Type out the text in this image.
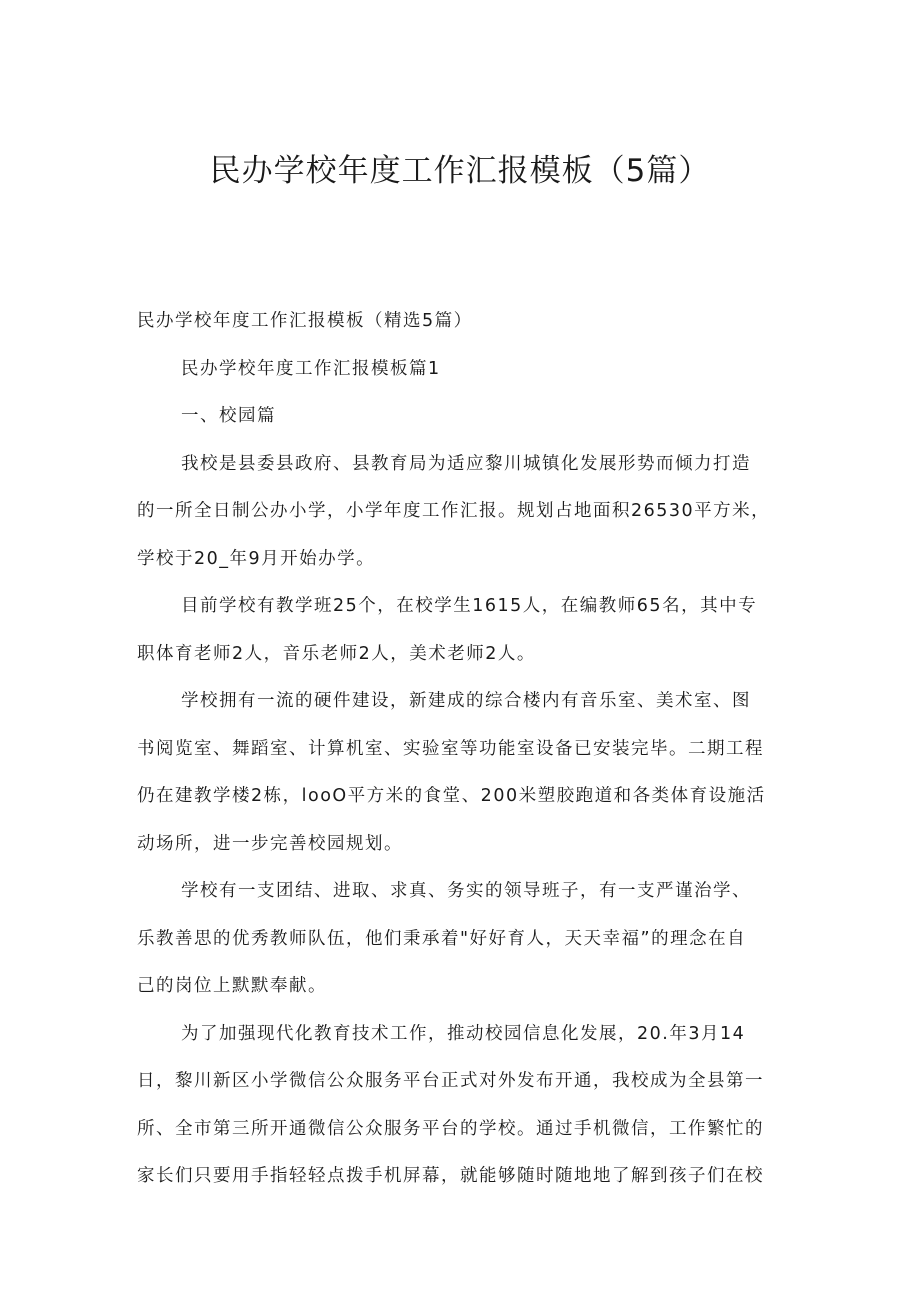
民办学校年度工作汇报模板（5篇）
民办学校年度工作汇报模板（精选5篇）
民办学校年度工作汇报模板篇1
一、校园篇
我校是县委县政府、县教育局为适应黎川城镇化发展形势而倾力打造
的一所全日制公办小学，小学年度工作汇报。规划占地面积26530平方米，
学校于20_年9月开始办学。
目前学校有教学班25个，在校学生1615人，在编教师65名，其中专
职体育老师2人，音乐老师2人，美术老师2人。
学校拥有一流的硬件建设，新建成的综合楼内有音乐室、美术室、图
书阅览室、舞蹈室、计算机室、实验室等功能室设备已安装完毕。二期工程
仍在建教学楼2栋，looO平方米的食堂、200米塑胶跑道和各类体育设施活
动场所，进一步完善校园规划。
学校有一支团结、进取、求真、务实的领导班子，有一支严谨治学、
乐教善思的优秀教师队伍，他们秉承着"好好育人，天天幸福”的理念在自
己的岗位上默默奉献。
为了加强现代化教育技术工作，推动校园信息化发展，20.年3月14
日，黎川新区小学微信公众服务平台正式对外发布开通，我校成为全县第一
所、全市第三所开通微信公众服务平台的学校。通过手机微信，工作繁忙的
家长们只要用手指轻轻点拨手机屏幕，就能够随时随地地了解到孩子们在校
